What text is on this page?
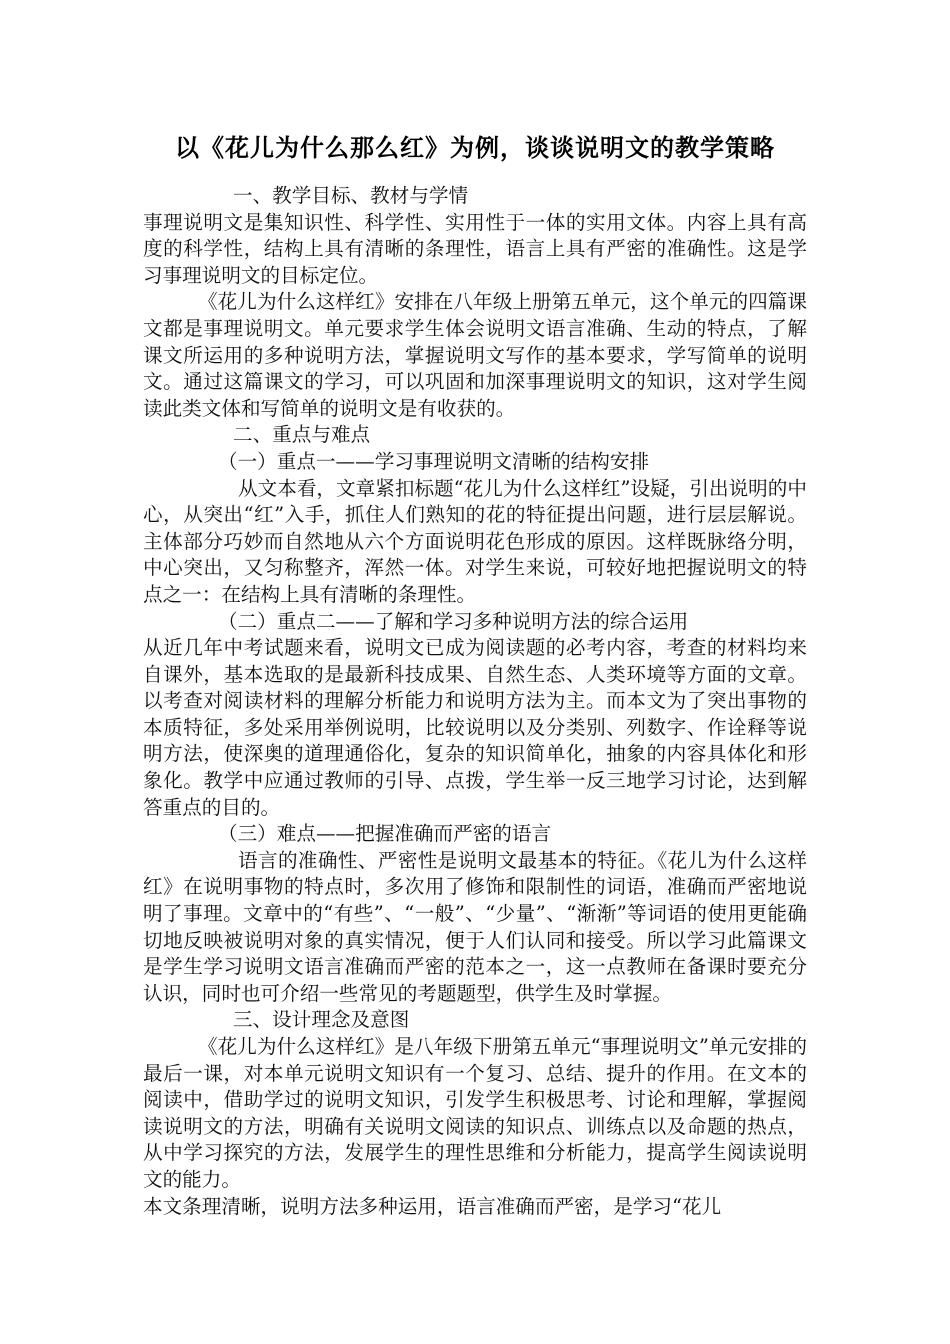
以《花儿为什么那么红》为例，谈谈说明文的教学策略

一、教学目标、教材与学情

事理说明文是集知识性、科学性、实用性于一体的实用文体。内容上具有高度的科学性，结构上具有清晰的条理性，语言上具有严密的准确性。这是学习事理说明文的目标定位。

《花儿为什么这样红》安排在八年级上册第五单元，这个单元的四篇课文都是事理说明文。单元要求学生体会说明文语言准确、生动的特点，了解课文所运用的多种说明方法，掌握说明文写作的基本要求，学写简单的说明文。通过这篇课文的学习，可以巩固和加深事理说明文的知识，这对学生阅读此类文体和写简单的说明文是有收获的。

二、重点与难点

（一）重点一——学习事理说明文清晰的结构安排

从文本看，文章紧扣标题“花儿为什么这样红”设疑，引出说明的中心，从突出“红”入手，抓住人们熟知的花的特征提出问题，进行层层解说。主体部分巧妙而自然地从六个方面说明花色形成的原因。这样既脉络分明，中心突出，又匀称整齐，浑然一体。对学生来说，可较好地把握说明文的特点之一：在结构上具有清晰的条理性。

（二）重点二——了解和学习多种说明方法的综合运用

从近几年中考试题来看，说明文已成为阅读题的必考内容，考查的材料均来自课外，基本选取的是最新科技成果、自然生态、人类环境等方面的文章。以考查对阅读材料的理解分析能力和说明方法为主。而本文为了突出事物的本质特征，多处采用举例说明，比较说明以及分类别、列数字、作诠释等说明方法，使深奥的道理通俗化，复杂的知识简单化，抽象的内容具体化和形象化。教学中应通过教师的引导、点拨，学生举一反三地学习讨论，达到解答重点的目的。

（三）难点——把握准确而严密的语言

语言的准确性、严密性是说明文最基本的特征。《花儿为什么这样红》在说明事物的特点时，多次用了修饰和限制性的词语，准确而严密地说明了事理。文章中的“有些”、“一般”、“少量”、“渐渐”等词语的使用更能确切地反映被说明对象的真实情况，便于人们认同和接受。所以学习此篇课文是学生学习说明文语言准确而严密的范本之一，这一点教师在备课时要充分认识，同时也可介绍一些常见的考题题型，供学生及时掌握。

三、设计理念及意图

《花儿为什么这样红》是八年级下册第五单元“事理说明文”单元安排的最后一课，对本单元说明文知识有一个复习、总结、提升的作用。在文本的阅读中，借助学过的说明文知识，引发学生积极思考、讨论和理解，掌握阅读说明文的方法，明确有关说明文阅读的知识点、训练点以及命题的热点，从中学习探究的方法，发展学生的理性思维和分析能力，提高学生阅读说明文的能力。

本文条理清晰，说明方法多种运用，语言准确而严密，是学习“花儿
